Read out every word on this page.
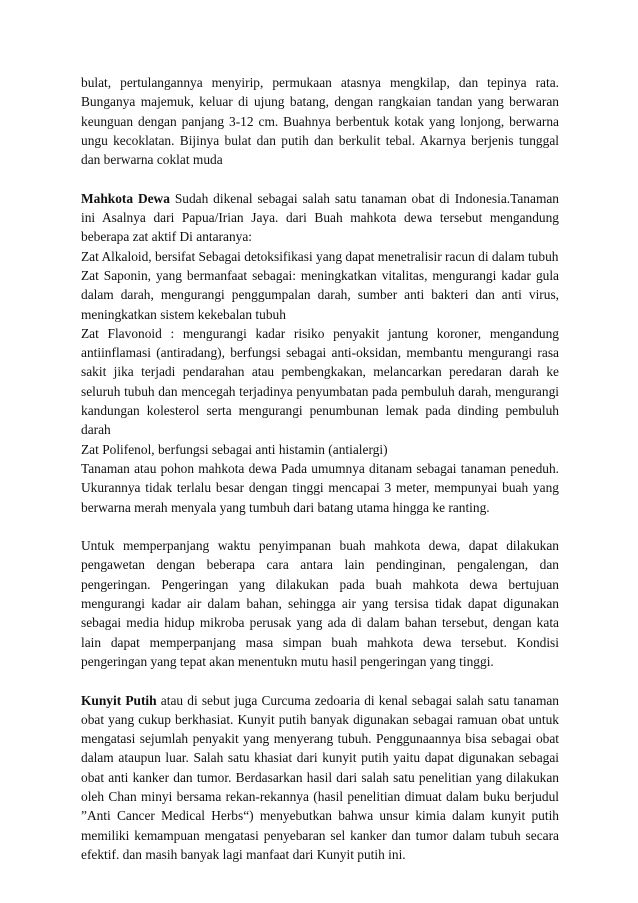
bulat, pertulangannya menyirip, permukaan atasnya mengkilap, dan tepinya rata. Bunganya majemuk, keluar di ujung batang, dengan rangkaian tandan yang berwaran keunguan dengan panjang 3-12 cm. Buahnya berbentuk kotak yang lonjong, berwarna ungu kecoklatan. Bijinya bulat dan putih dan berkulit tebal. Akarnya berjenis tunggal dan berwarna coklat muda

Mahkota Dewa Sudah dikenal sebagai salah satu tanaman obat di Indonesia.Tanaman ini Asalnya dari Papua/Irian Jaya. dari Buah mahkota dewa tersebut mengandung beberapa zat aktif Di antaranya:

Zat Alkaloid, bersifat Sebagai detoksifikasi yang dapat menetralisir racun di dalam tubuh

Zat Saponin, yang bermanfaat sebagai: meningkatkan vitalitas, mengurangi kadar gula dalam darah, mengurangi penggumpalan darah, sumber anti bakteri dan anti virus, meningkatkan sistem kekebalan tubuh

Zat Flavonoid : mengurangi kadar risiko penyakit jantung koroner, mengandung antiinflamasi (antiradang), berfungsi sebagai anti-oksidan, membantu mengurangi rasa sakit jika terjadi pendarahan atau pembengkakan, melancarkan peredaran darah ke seluruh tubuh dan mencegah terjadinya penyumbatan pada pembuluh darah, mengurangi kandungan kolesterol serta mengurangi penumbunan lemak pada dinding pembuluh darah

Zat Polifenol, berfungsi sebagai anti histamin (antialergi)

Tanaman atau pohon mahkota dewa Pada umumnya ditanam sebagai tanaman peneduh. Ukurannya tidak terlalu besar dengan tinggi mencapai 3 meter, mempunyai buah yang berwarna merah menyala yang tumbuh dari batang utama hingga ke ranting.

Untuk memperpanjang waktu penyimpanan buah mahkota dewa, dapat dilakukan pengawetan dengan beberapa cara antara lain pendinginan, pengalengan, dan pengeringan. Pengeringan yang dilakukan pada buah mahkota dewa bertujuan mengurangi kadar air dalam bahan, sehingga air yang tersisa tidak dapat digunakan sebagai media hidup mikroba perusak yang ada di dalam bahan tersebut, dengan kata lain dapat memperpanjang masa simpan buah mahkota dewa tersebut. Kondisi pengeringan yang tepat akan menentukn mutu hasil pengeringan yang tinggi.

Kunyit Putih atau di sebut juga Curcuma zedoaria di kenal sebagai salah satu tanaman obat yang cukup berkhasiat. Kunyit putih banyak digunakan sebagai ramuan obat untuk mengatasi sejumlah penyakit yang menyerang tubuh. Penggunaannya bisa sebagai obat dalam ataupun luar. Salah satu khasiat dari kunyit putih yaitu dapat digunakan sebagai obat anti kanker dan tumor. Berdasarkan hasil dari salah satu penelitian yang dilakukan oleh Chan minyi bersama rekan-rekannya (hasil penelitian dimuat dalam buku berjudul ”Anti Cancer Medical Herbs“) menyebutkan bahwa unsur kimia dalam kunyit putih memiliki kemampuan mengatasi penyebaran sel kanker dan tumor dalam tubuh secara efektif. dan masih banyak lagi manfaat dari Kunyit putih ini.
